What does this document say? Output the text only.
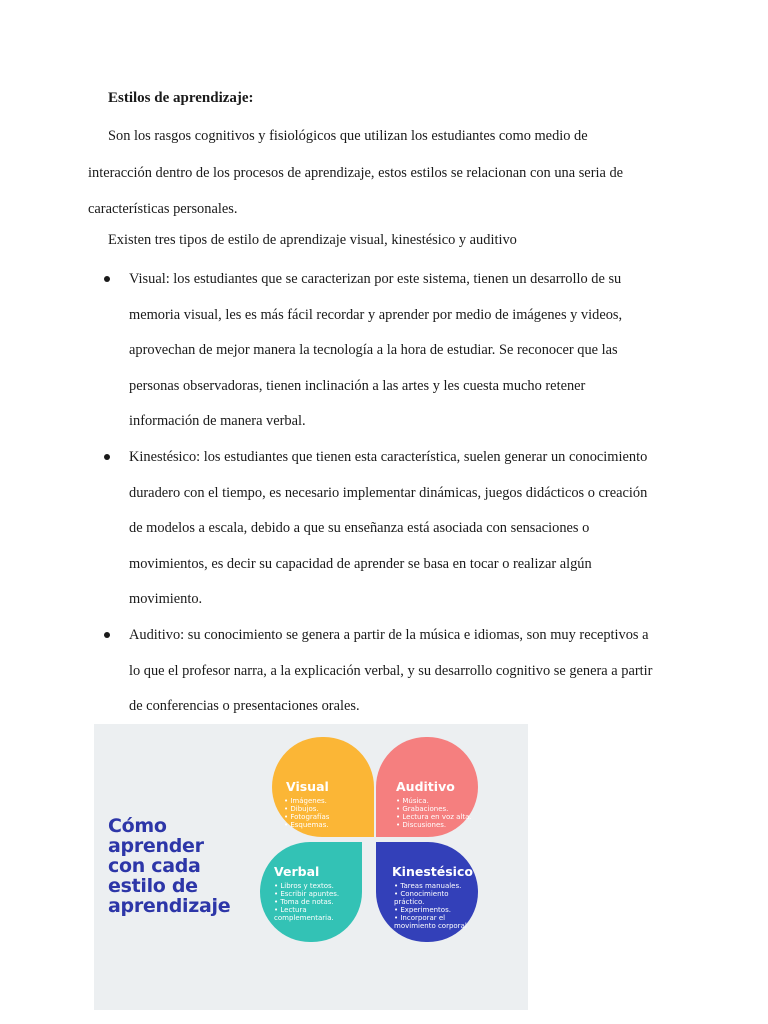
Estilos de aprendizaje:
Son los rasgos cognitivos y fisiológicos que utilizan los estudiantes como medio de
interacción dentro de los procesos de aprendizaje, estos estilos se relacionan con una seria de
características personales.
Existen tres tipos de estilo de aprendizaje visual, kinestésico y auditivo
Visual: los estudiantes que se caracterizan por este sistema, tienen un desarrollo de su
memoria visual, les es más fácil recordar y aprender por medio de imágenes y videos,
aprovechan de mejor manera la tecnología a la hora de estudiar. Se reconocer que las
personas observadoras, tienen inclinación a las artes y les cuesta mucho retener
información de manera verbal.
Kinestésico: los estudiantes que tienen esta característica, suelen generar un conocimiento
duradero con el tiempo, es necesario implementar dinámicas, juegos didácticos o creación
de modelos a escala, debido a que su enseñanza está asociada con sensaciones o
movimientos, es decir su capacidad de aprender se basa en tocar o realizar algún
movimiento.
Auditivo: su conocimiento se genera a partir de la música e idiomas, son muy receptivos a
lo que el profesor narra, a la explicación verbal, y su desarrollo cognitivo se genera a partir
de conferencias o presentaciones orales.
Cómo
aprender
con cada
estilo de
aprendizaje
Visual
• Imágenes.
• Dibujos.
• Fotografías
• Esquemas.
Auditivo
• Música.
• Grabaciones.
• Lectura en voz alta.
• Discusiones.
Verbal
• Libros y textos.
• Escribir apuntes.
• Toma de notas.
• Lectura complementaria.
Kinestésico
• Tareas manuales.
• Conocimiento práctico.
• Experimentos.
• Incorporar el movimiento corporal
